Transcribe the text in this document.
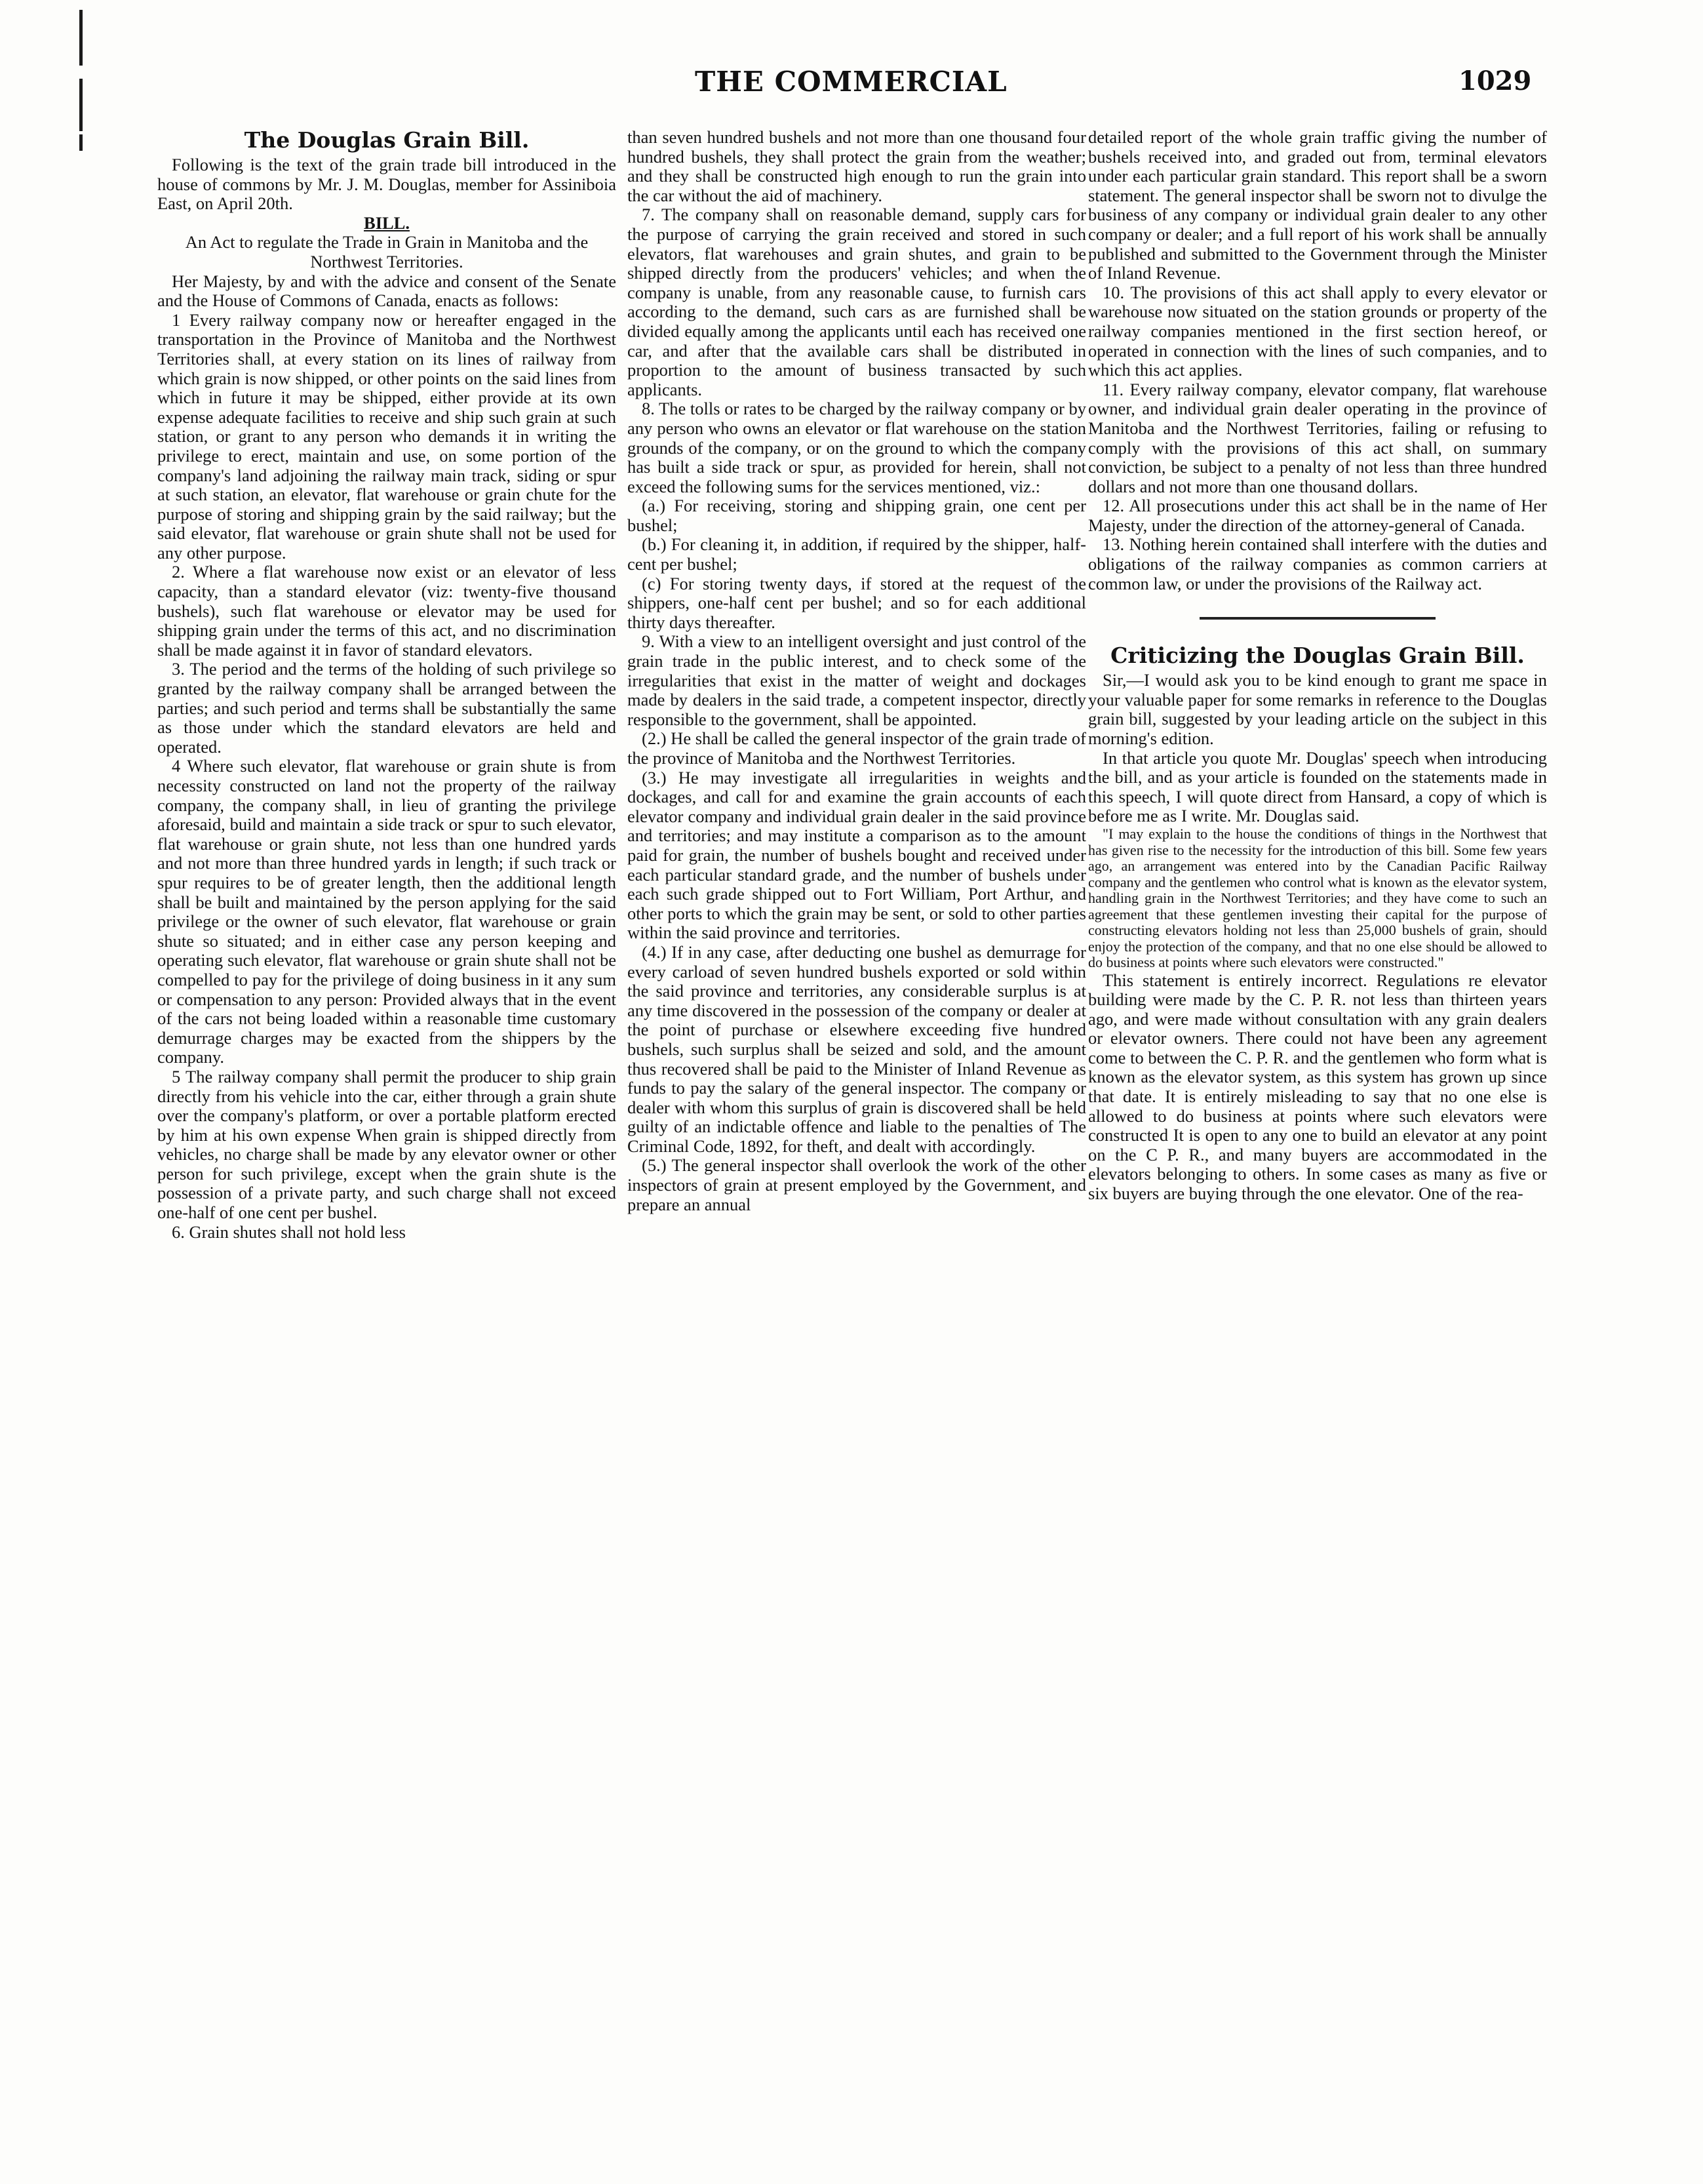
THE COMMERCIAL	1029
The Douglas Grain Bill.

Following is the text of the grain trade bill introduced in the house of commons by Mr. J. M. Douglas, member for Assiniboia East, on April 20th.

BILL.

An Act to regulate the Trade in Grain in Manitoba and the Northwest Territories.

Her Majesty, by and with the advice and consent of the Senate and the House of Commons of Canada, enacts as follows:

1 Every railway company now or hereafter engaged in the transportation in the Province of Manitoba and the Northwest Territories shall, at every station on its lines of railway from which grain is now shipped, or other points on the said lines from which in future it may be shipped, either provide at its own expense adequate facilities to receive and ship such grain at such station, or grant to any person who demands it in writing the privilege to erect, maintain and use, on some portion of the company's land adjoining the railway main track, siding or spur at such station, an elevator, flat warehouse or grain chute for the purpose of storing and shipping grain by the said railway; but the said elevator, flat warehouse or grain shute shall not be used for any other purpose.

2. Where a flat warehouse now exist or an elevator of less capacity, than a standard elevator (viz: twenty-five thousand bushels), such flat warehouse or elevator may be used for shipping grain under the terms of this act, and no discrimination shall be made against it in favor of standard elevators.

3. The period and the terms of the holding of such privilege so granted by the railway company shall be arranged between the parties; and such period and terms shall be substantially the same as those under which the standard elevators are held and operated.

4 Where such elevator, flat warehouse or grain shute is from necessity constructed on land not the property of the railway company, the company shall, in lieu of granting the privilege aforesaid, build and maintain a side track or spur to such elevator, flat warehouse or grain shute, not less than one hundred yards and not more than three hundred yards in length; if such track or spur requires to be of greater length, then the additional length shall be built and maintained by the person applying for the said privilege or the owner of such elevator, flat warehouse or grain shute so situated; and in either case any person keeping and operating such elevator, flat warehouse or grain shute shall not be compelled to pay for the privilege of doing business in it any sum or compensation to any person: Provided always that in the event of the cars not being loaded within a reasonable time customary demurrage charges may be exacted from the shippers by the company.

5 The railway company shall permit the producer to ship grain directly from his vehicle into the car, either through a grain shute over the company's platform, or over a portable platform erected by him at his own expense When grain is shipped directly from vehicles, no charge shall be made by any elevator owner or other person for such privilege, except when the grain shute is the possession of a private party, and such charge shall not exceed one-half of one cent per bushel.

6. Grain shutes shall not hold less

than seven hundred bushels and not more than one thousand four hundred bushels, they shall protect the grain from the weather; and they shall be constructed high enough to run the grain into the car without the aid of machinery.

7. The company shall on reasonable demand, supply cars for the purpose of carrying the grain received and stored in such elevators, flat warehouses and grain shutes, and grain to be shipped directly from the producers' vehicles; and when the company is unable, from any reasonable cause, to furnish cars according to the demand, such cars as are furnished shall be divided equally among the applicants until each has received one car, and after that the available cars shall be distributed in proportion to the amount of business transacted by such applicants.

8. The tolls or rates to be charged by the railway company or by any person who owns an elevator or flat warehouse on the station grounds of the company, or on the ground to which the company has built a side track or spur, as provided for herein, shall not exceed the following sums for the services mentioned, viz.:

(a.) For receiving, storing and shipping grain, one cent per bushel;

(b.) For cleaning it, in addition, if required by the shipper, half-cent per bushel;

(c) For storing twenty days, if stored at the request of the shippers, one-half cent per bushel; and so for each additional thirty days thereafter.

9. With a view to an intelligent oversight and just control of the grain trade in the public interest, and to check some of the irregularities that exist in the matter of weight and dockages made by dealers in the said trade, a competent inspector, directly responsible to the government, shall be appointed.

(2.) He shall be called the general inspector of the grain trade of the province of Manitoba and the Northwest Territories.

(3.) He may investigate all irregularities in weights and dockages, and call for and examine the grain accounts of each elevator company and individual grain dealer in the said province and territories; and may institute a comparison as to the amount paid for grain, the number of bushels bought and received under each particular standard grade, and the number of bushels under each such grade shipped out to Fort William, Port Arthur, and other ports to which the grain may be sent, or sold to other parties within the said province and territories.

(4.) If in any case, after deducting one bushel as demurrage for every carload of seven hundred bushels exported or sold within the said province and territories, any considerable surplus is at any time discovered in the possession of the company or dealer at the point of purchase or elsewhere exceeding five hundred bushels, such surplus shall be seized and sold, and the amount thus recovered shall be paid to the Minister of Inland Revenue as funds to pay the salary of the general inspector. The company or dealer with whom this surplus of grain is discovered shall be held guilty of an indictable offence and liable to the penalties of The Criminal Code, 1892, for theft, and dealt with accordingly.

(5.) The general inspector shall overlook the work of the other inspectors of grain at present employed by the Government, and prepare an annual

detailed report of the whole grain traffic giving the number of bushels received into, and graded out from, terminal elevators under each particular grain standard. This report shall be a sworn statement. The general inspector shall be sworn not to divulge the business of any company or individual grain dealer to any other company or dealer; and a full report of his work shall be annually published and submitted to the Government through the Minister of Inland Revenue.

10. The provisions of this act shall apply to every elevator or warehouse now situated on the station grounds or property of the railway companies mentioned in the first section hereof, or operated in connection with the lines of such companies, and to which this act applies.

11. Every railway company, elevator company, flat warehouse owner, and individual grain dealer operating in the province of Manitoba and the Northwest Territories, failing or refusing to comply with the provisions of this act shall, on summary conviction, be subject to a penalty of not less than three hundred dollars and not more than one thousand dollars.

12. All prosecutions under this act shall be in the name of Her Majesty, under the direction of the attorney-general of Canada.

13. Nothing herein contained shall interfere with the duties and obligations of the railway companies as common carriers at common law, or under the provisions of the Railway act.

Criticizing the Douglas Grain Bill.

Sir,—I would ask you to be kind enough to grant me space in your valuable paper for some remarks in reference to the Douglas grain bill, suggested by your leading article on the subject in this morning's edition.

In that article you quote Mr. Douglas' speech when introducing the bill, and as your article is founded on the statements made in this speech, I will quote direct from Hansard, a copy of which is before me as I write. Mr. Douglas said.

"I may explain to the house the conditions of things in the Northwest that has given rise to the necessity for the introduction of this bill. Some few years ago, an arrangement was entered into by the Canadian Pacific Railway company and the gentlemen who control what is known as the elevator system, handling grain in the Northwest Territories; and they have come to such an agreement that these gentlemen investing their capital for the purpose of constructing elevators holding not less than 25,000 bushels of grain, should enjoy the protection of the company, and that no one else should be allowed to do business at points where such elevators were constructed."

This statement is entirely incorrect. Regulations re elevator building were made by the C. P. R. not less than thirteen years ago, and were made without consultation with any grain dealers or elevator owners. There could not have been any agreement come to between the C. P. R. and the gentlemen who form what is known as the elevator system, as this system has grown up since that date. It is entirely misleading to say that no one else is allowed to do business at points where such elevators were constructed It is open to any one to build an elevator at any point on the C P. R., and many buyers are accommodated in the elevators belonging to others. In some cases as many as five or six buyers are buying through the one elevator. One of the rea-
